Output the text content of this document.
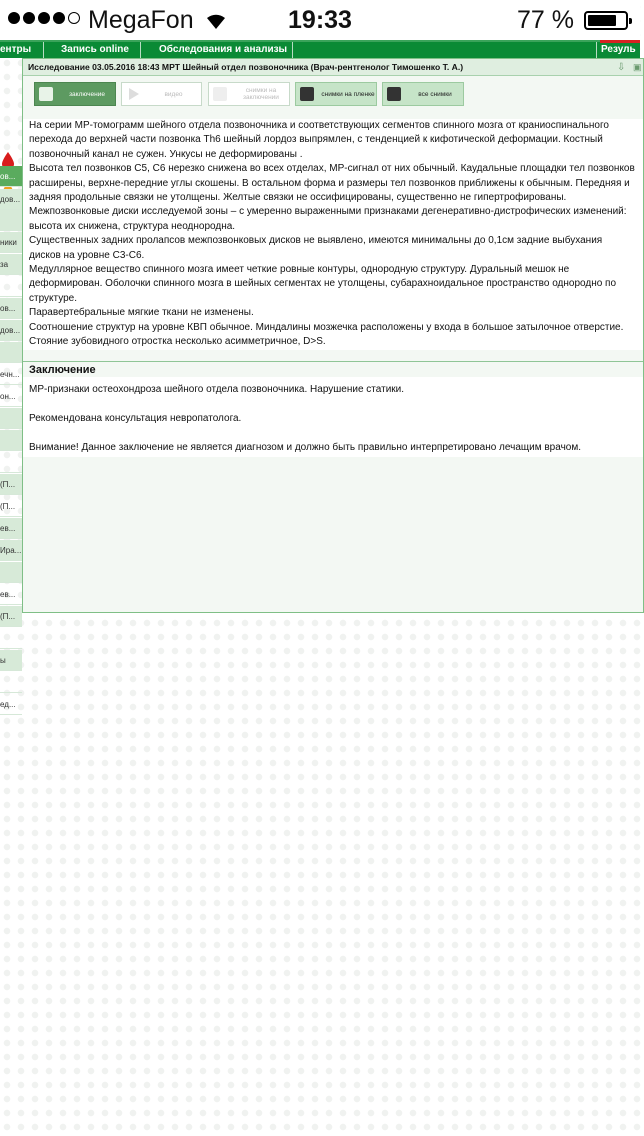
MegaFon	19:33	77 %
ентры	Запись online	Обследования и анализы	Резуль
ов...
дов...
ники
за
ов...
дов...
ечн...
он...
(П...
(П...
ев...
Ира...
ев...
(П...
ы
ед...
Исследование 03.05.2016 18:43 МРТ Шейный отдел позвоночника (Врач-рентгенолог Тимошенко Т. А.)	⇩ ▣
заключение	видео	снимки на заключении	снимки на пленке	все снимки

На серии МР-томограмм шейного отдела позвоночника и соответствующих сегментов спинного мозга от краниоспинального перехода до верхней части позвонка Th6 шейный лордоз выпрямлен, с тенденцией к кифотической деформации. Костный позвоночный канал не сужен. Ункусы не деформированы .

Высота тел позвонков C5, C6 нерезко снижена во всех отделах, МР-сигнал от них обычный. Каудальные площадки тел позвонков расширены, верхне-передние углы скошены. В остальном форма и размеры тел позвонков приближены к обычным. Передняя и задняя продольные связки не утолщены. Желтые связки не оссифицированы, существенно не гипертрофированы.

Межпозвонковые диски исследуемой зоны – с умеренно выраженными признаками дегенеративно-дистрофических изменений: высота их снижена, структура неоднородна.

Существенных задних пролапсов межпозвонковых дисков не выявлено, имеются минимальны до 0,1см задние выбухания дисков на уровне C3-C6.

Медуллярное вещество спинного мозга имеет четкие ровные контуры, однородную структуру. Дуральный мешок не деформирован. Оболочки спинного мозга в шейных сегментах не утолщены, субарахноидальное пространство однородно по структуре.

Паравертебральные мягкие ткани не изменены.

Соотношение структур на уровне КВП обычное. Миндалины мозжечка расположены у входа в большое затылочное отверстие.

Стояние зубовидного отростка несколько асимметричное, D>S.

Заключение

МР-признаки остеохондроза шейного отдела позвоночника. Нарушение статики.

Рекомендована консультация невропатолога.

Внимание! Данное заключение не является диагнозом и должно быть правильно интерпретировано лечащим врачом.
